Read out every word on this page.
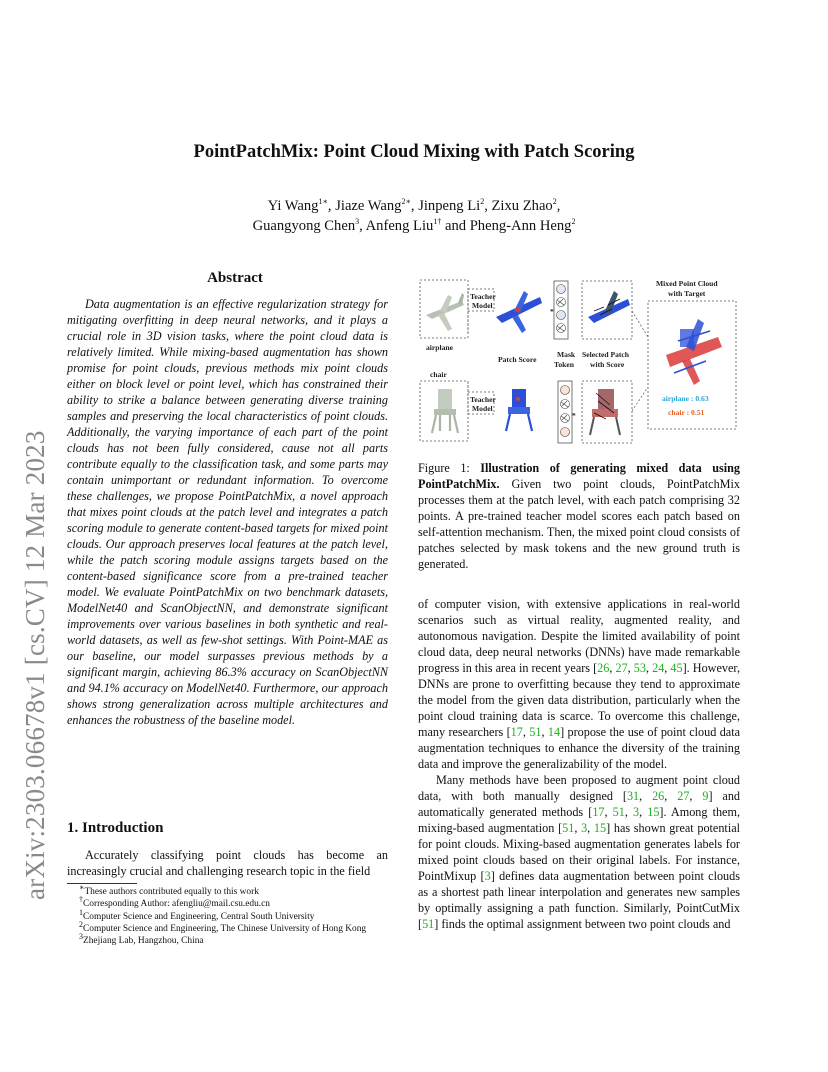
arXiv:2303.06678v1 [cs.CV] 12 Mar 2023
PointPatchMix: Point Cloud Mixing with Patch Scoring
Yi Wang$^{1∗}$, Jiaze Wang$^{2∗}$, Jinpeng Li$^2$, Zixu Zhao$^2$,
Guangyong Chen$^3$, Anfeng Liu$^{1\dagger}$ and Pheng-Ann Heng$^2$
Abstract

Data augmentation is an effective regularization strategy for mitigating overfitting in deep neural networks, and it plays a crucial role in 3D vision tasks, where the point cloud data is relatively limited. While mixing-based augmentation has shown promise for point clouds, previous methods mix point clouds either on block level or point level, which has constrained their ability to strike a balance between generating diverse training samples and preserving the local characteristics of point clouds. Additionally, the varying importance of each part of the point clouds has not been fully considered, cause not all parts contribute equally to the classification task, and some parts may contain unimportant or redundant information. To overcome these challenges, we propose PointPatchMix, a novel approach that mixes point clouds at the patch level and integrates a patch scoring module to generate content-based targets for mixed point clouds. Our approach preserves local features at the patch level, while the patch scoring module assigns targets based on the content-based significance score from a pre-trained teacher model. We evaluate PointPatchMix on two benchmark datasets, ModelNet40 and ScanObjectNN, and demonstrate significant improvements over various baselines in both synthetic and real-world datasets, as well as few-shot settings. With Point-MAE as our baseline, our model surpasses previous methods by a significant margin, achieving 86.3% accuracy on ScanObjectNN and 94.1% accuracy on ModelNet40. Furthermore, our approach shows strong generalization across multiple architectures and enhances the robustness of the baseline model.

1. Introduction

Accurately classifying point clouds has become an increasingly crucial and challenging research topic in the field

∗These authors contributed equally to this work

†Corresponding Author: afengliu@mail.csu.edu.cn

$^1$Computer Science and Engineering, Central South University

$^2$Computer Science and Engineering, The Chinese University of Hong Kong

$^3$Zhejiang Lab, Hangzhou, China

airplane
chair
Teacher
Model
Teacher
Model
Patch Score
*
Mask
Token
*
Selected Patch
with Score
Mixed Point Cloud
with Target
airplane : 0.63
chair : 0.51

Figure 1: Illustration of generating mixed data using PointPatchMix. Given two point clouds, PointPatchMix processes them at the patch level, with each patch comprising 32 points. A pre-trained teacher model scores each patch based on self-attention mechanism. Then, the mixed point cloud consists of patches selected by mask tokens and the new ground truth is generated.

of computer vision, with extensive applications in real-world scenarios such as virtual reality, augmented reality, and autonomous navigation. Despite the limited availability of point cloud data, deep neural networks (DNNs) have made remarkable progress in this area in recent years [26, 27, 53, 24, 45]. However, DNNs are prone to overfitting because they tend to approximate the model from the given data distribution, particularly when the point cloud training data is scarce. To overcome this challenge, many researchers [17, 51, 14] propose the use of point cloud data augmentation techniques to enhance the diversity of the training data and improve the generalizability of the model.

Many methods have been proposed to augment point cloud data, with both manually designed [31, 26, 27, 9] and automatically generated methods [17, 51, 3, 15]. Among them, mixing-based augmentation [51, 3, 15] has shown great potential for point clouds. Mixing-based augmentation generates labels for mixed point clouds based on their original labels. For instance, PointMixup [3] defines data augmentation between point clouds as a shortest path linear interpolation and generates new samples by optimally assigning a path function. Similarly, PointCutMix [51] finds the optimal assignment between two point clouds and
